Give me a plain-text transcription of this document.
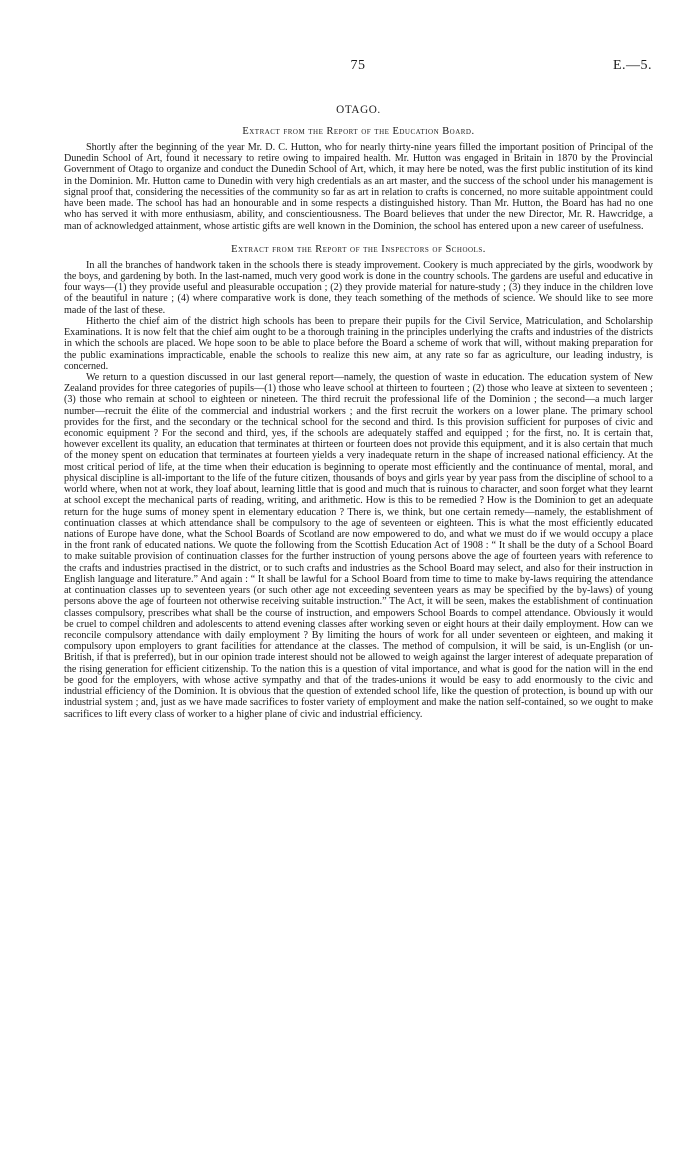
75	E.—5.
OTAGO.
Extract from the Report of the Education Board.

Shortly after the beginning of the year Mr. D. C. Hutton, who for nearly thirty-nine years filled the important position of Principal of the Dunedin School of Art, found it necessary to retire owing to impaired health. Mr. Hutton was engaged in Britain in 1870 by the Provincial Government of Otago to organize and conduct the Dunedin School of Art, which, it may here be noted, was the first public institution of its kind in the Dominion. Mr. Hutton came to Dunedin with very high credentials as an art master, and the success of the school under his management is signal proof that, considering the necessities of the community so far as art in relation to crafts is concerned, no more suitable appointment could have been made. The school has had an honourable and in some respects a distinguished history. Than Mr. Hutton, the Board has had no one who has served it with more enthusiasm, ability, and conscientiousness. The Board believes that under the new Director, Mr. R. Hawcridge, a man of acknowledged attainment, whose artistic gifts are well known in the Dominion, the school has entered upon a new career of usefulness.

Extract from the Report of the Inspectors of Schools.

In all the branches of handwork taken in the schools there is steady improvement. Cookery is much appreciated by the girls, woodwork by the boys, and gardening by both. In the last-named, much very good work is done in the country schools. The gardens are useful and educative in four ways—(1) they provide useful and pleasurable occupation ; (2) they provide material for nature-study ; (3) they induce in the children love of the beautiful in nature ; (4) where comparative work is done, they teach something of the methods of science. We should like to see more made of the last of these.

Hitherto the chief aim of the district high schools has been to prepare their pupils for the Civil Service, Matriculation, and Scholarship Examinations. It is now felt that the chief aim ought to be a thorough training in the principles underlying the crafts and industries of the districts in which the schools are placed. We hope soon to be able to place before the Board a scheme of work that will, without making preparation for the public examinations impracticable, enable the schools to realize this new aim, at any rate so far as agriculture, our leading industry, is concerned.

We return to a question discussed in our last general report—namely, the question of waste in education. The education system of New Zealand provides for three categories of pupils—(1) those who leave school at thirteen to fourteen ; (2) those who leave at sixteen to seventeen ; (3) those who remain at school to eighteen or nineteen. The third recruit the professional life of the Dominion ; the second—a much larger number—recruit the élite of the commercial and industrial workers ; and the first recruit the workers on a lower plane. The primary school provides for the first, and the secondary or the technical school for the second and third. Is this provision sufficient for purposes of civic and economic equipment ? For the second and third, yes, if the schools are adequately staffed and equipped ; for the first, no. It is certain that, however excellent its quality, an education that terminates at thirteen or fourteen does not provide this equipment, and it is also certain that much of the money spent on education that terminates at fourteen yields a very inadequate return in the shape of increased national efficiency. At the most critical period of life, at the time when their education is beginning to operate most efficiently and the continuance of mental, moral, and physical discipline is all-important to the life of the future citizen, thousands of boys and girls year by year pass from the discipline of school to a world where, when not at work, they loaf about, learning little that is good and much that is ruinous to character, and soon forget what they learnt at school except the mechanical parts of reading, writing, and arithmetic. How is this to be remedied ? How is the Dominion to get an adequate return for the huge sums of money spent in elementary education ? There is, we think, but one certain remedy—namely, the establishment of continuation classes at which attendance shall be compulsory to the age of seventeen or eighteen. This is what the most efficiently educated nations of Europe have done, what the School Boards of Scotland are now empowered to do, and what we must do if we would occupy a place in the front rank of educated nations. We quote the following from the Scottish Education Act of 1908 : “ It shall be the duty of a School Board to make suitable provision of continuation classes for the further instruction of young persons above the age of fourteen years with reference to the crafts and industries practised in the district, or to such crafts and industries as the School Board may select, and also for their instruction in English language and literature.” And again : “ It shall be lawful for a School Board from time to time to make by-laws requiring the attendance at continuation classes up to seventeen years (or such other age not exceeding seventeen years as may be specified by the by-laws) of young persons above the age of fourteen not otherwise receiving suitable instruction.” The Act, it will be seen, makes the establishment of continuation classes compulsory, prescribes what shall be the course of instruction, and empowers School Boards to compel attendance. Obviously it would be cruel to compel children and adolescents to attend evening classes after working seven or eight hours at their daily employment. How can we reconcile compulsory attendance with daily employment ? By limiting the hours of work for all under seventeen or eighteen, and making it compulsory upon employers to grant facilities for attendance at the classes. The method of compulsion, it will be said, is un-English (or un-British, if that is preferred), but in our opinion trade interest should not be allowed to weigh against the larger interest of adequate preparation of the rising generation for efficient citizenship. To the nation this is a question of vital importance, and what is good for the nation will in the end be good for the employers, with whose active sympathy and that of the trades-unions it would be easy to add enormously to the civic and industrial efficiency of the Dominion. It is obvious that the question of extended school life, like the question of protection, is bound up with our industrial system ; and, just as we have made sacrifices to foster variety of employment and make the nation self-contained, so we ought to make sacrifices to lift every class of worker to a higher plane of civic and industrial efficiency.
